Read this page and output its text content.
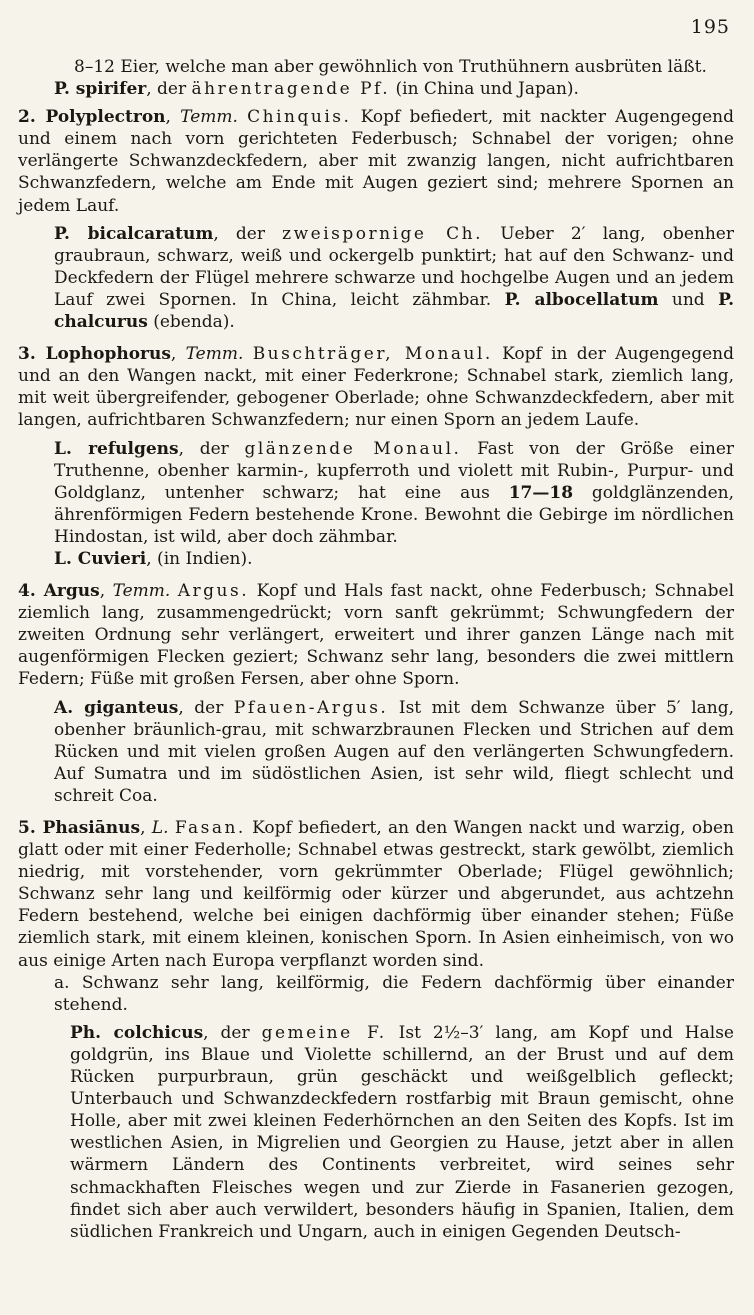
195

8–12 Eier, welche man aber gewöhnlich von Truthühnern ausbrüten läßt.

P. spirifer, der ährentragende Pf. (in China und Japan).

2. Polyplectron, Temm. Chinquis. Kopf befiedert, mit nackter Augengegend und einem nach vorn gerichteten Federbusch; Schnabel der vorigen; ohne verlängerte Schwanzdeckfedern, aber mit zwanzig langen, nicht aufrichtbaren Schwanzfedern, welche am Ende mit Augen geziert sind; mehrere Spornen an jedem Lauf.

P. bicalcaratum, der zweispornige Ch. Ueber 2′ lang, obenher graubraun, schwarz, weiß und ockergelb punktirt; hat auf den Schwanz- und Deckfedern der Flügel mehrere schwarze und hochgelbe Augen und an jedem Lauf zwei Spornen. In China, leicht zähmbar. P. albocellatum und P. chalcurus (ebenda).

3. Lophophorus, Temm. Buschträger, Monaul. Kopf in der Augengegend und an den Wangen nackt, mit einer Federkrone; Schnabel stark, ziemlich lang, mit weit übergreifender, gebogener Oberlade; ohne Schwanzdeckfedern, aber mit langen, aufrichtbaren Schwanzfedern; nur einen Sporn an jedem Laufe.

L. refulgens, der glänzende Monaul. Fast von der Größe einer Truthenne, obenher karmin-, kupferroth und violett mit Rubin-, Purpur- und Goldglanz, untenher schwarz; hat eine aus 17—18 goldglänzenden, ährenförmigen Federn bestehende Krone. Bewohnt die Gebirge im nördlichen Hindostan, ist wild, aber doch zähmbar.

L. Cuvieri, (in Indien).

4. Argus, Temm. Argus. Kopf und Hals fast nackt, ohne Federbusch; Schnabel ziemlich lang, zusammengedrückt; vorn sanft gekrümmt; Schwungfedern der zweiten Ordnung sehr verlängert, erweitert und ihrer ganzen Länge nach mit augenförmigen Flecken geziert; Schwanz sehr lang, besonders die zwei mittlern Federn; Füße mit großen Fersen, aber ohne Sporn.

A. giganteus, der Pfauen-Argus. Ist mit dem Schwanze über 5′ lang, obenher bräunlich-grau, mit schwarzbraunen Flecken und Strichen auf dem Rücken und mit vielen großen Augen auf den verlängerten Schwungfedern. Auf Sumatra und im südöstlichen Asien, ist sehr wild, fliegt schlecht und schreit Coa.

5. Phasiānus, L. Fasan. Kopf befiedert, an den Wangen nackt und warzig, oben glatt oder mit einer Federholle; Schnabel etwas gestreckt, stark gewölbt, ziemlich niedrig, mit vorstehender, vorn gekrümmter Oberlade; Flügel gewöhnlich; Schwanz sehr lang und keilförmig oder kürzer und abgerundet, aus achtzehn Federn bestehend, welche bei einigen dachförmig über einander stehen; Füße ziemlich stark, mit einem kleinen, konischen Sporn. In Asien einheimisch, von wo aus einige Arten nach Europa verpflanzt worden sind.

a. Schwanz sehr lang, keilförmig, die Federn dachförmig über einander stehend.

Ph. colchicus, der gemeine F. Ist 2½–3′ lang, am Kopf und Halse goldgrün, ins Blaue und Violette schillernd, an der Brust und auf dem Rücken purpurbraun, grün geschäckt und weißgelblich gefleckt; Unterbauch und Schwanzdeckfedern rostfarbig mit Braun gemischt, ohne Holle, aber mit zwei kleinen Federhörnchen an den Seiten des Kopfs. Ist im westlichen Asien, in Migrelien und Georgien zu Hause, jetzt aber in allen wärmern Ländern des Continents verbreitet, wird seines sehr schmackhaften Fleisches wegen und zur Zierde in Fasanerien gezogen, findet sich aber auch verwildert, besonders häufig in Spanien, Italien, dem südlichen Frankreich und Ungarn, auch in einigen Gegenden Deutsch-
